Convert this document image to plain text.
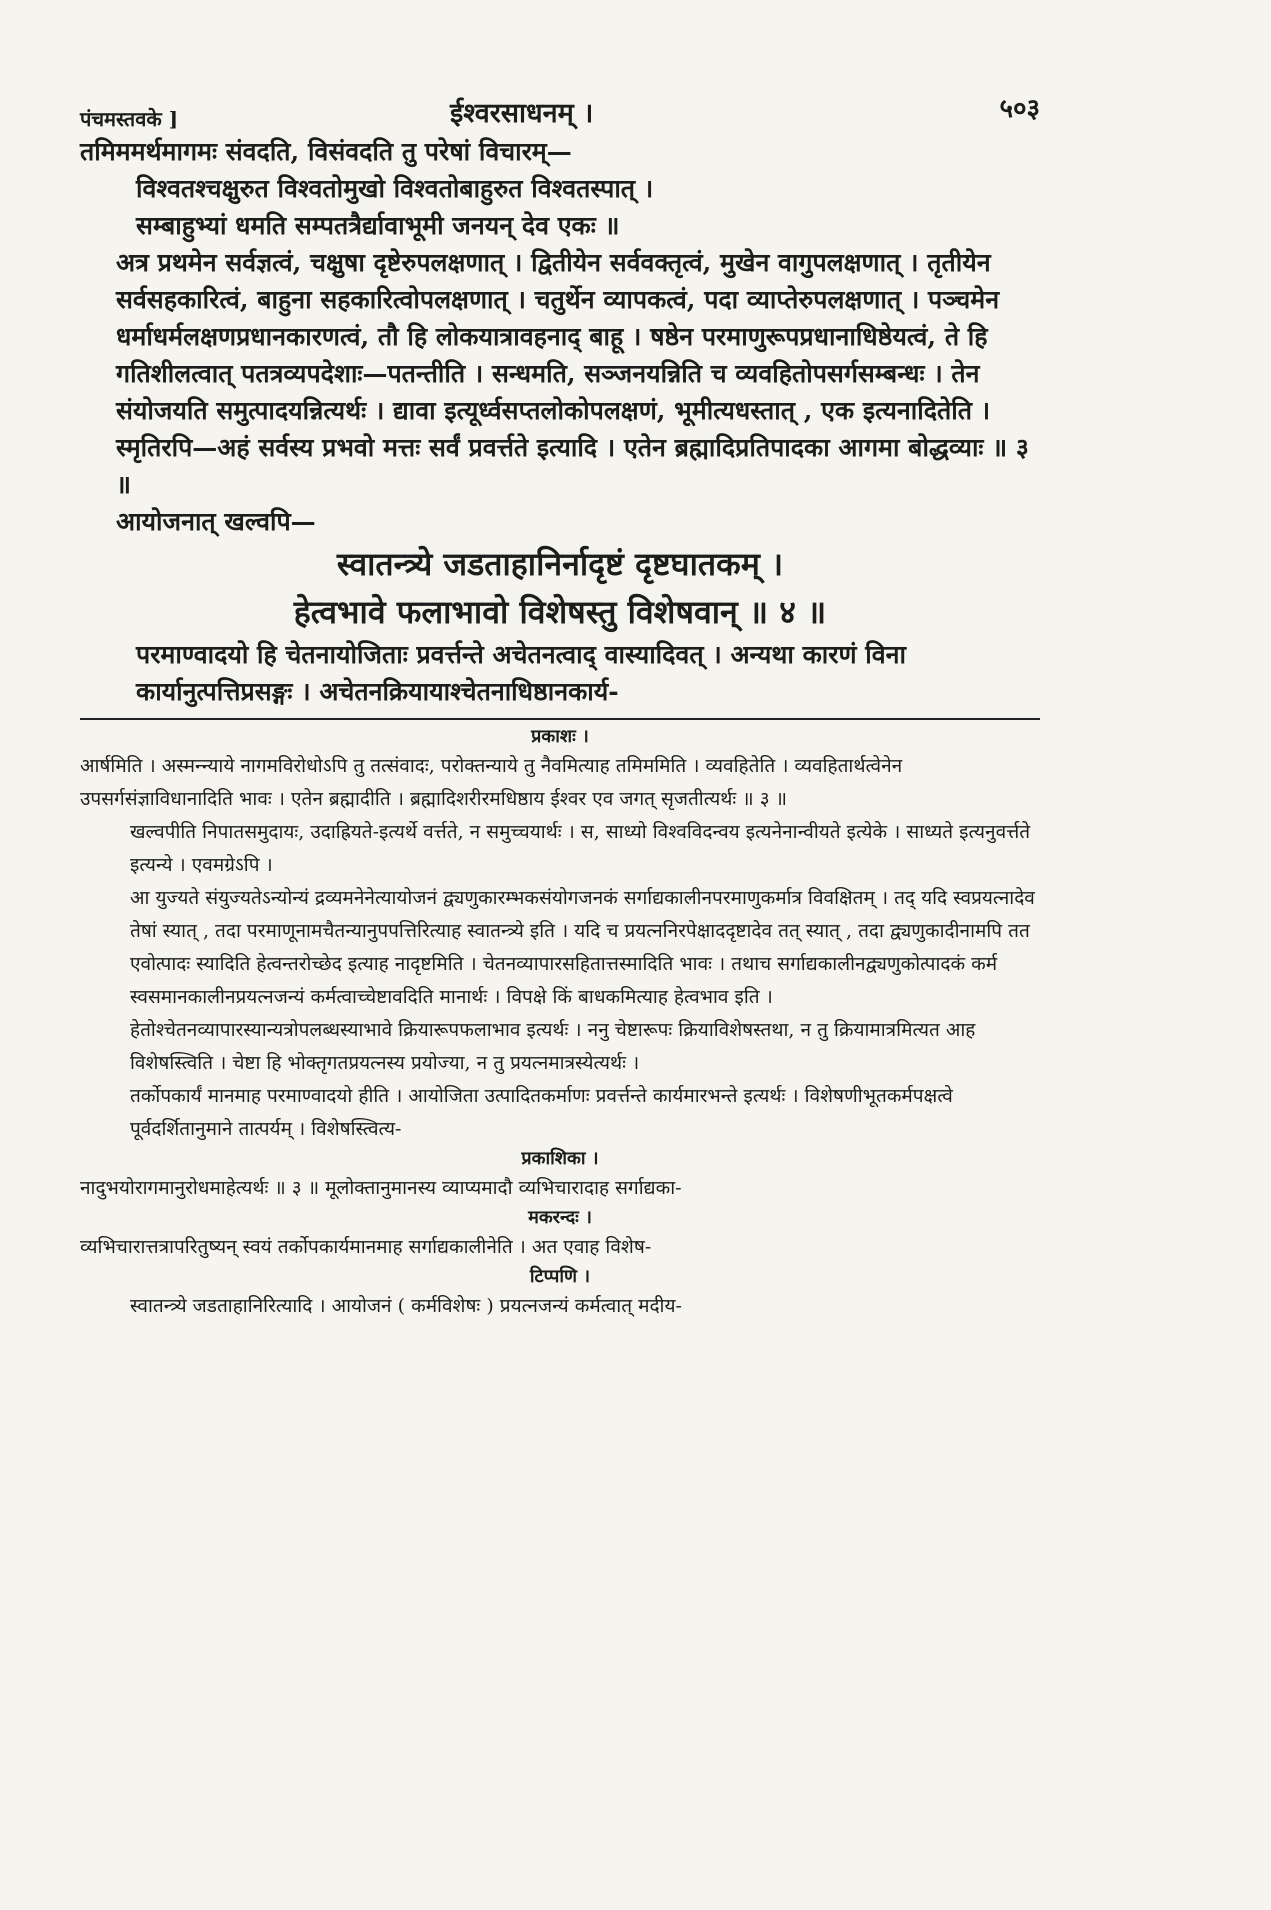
पंचमस्तवके ]	ईश्वरसाधनम् ।	५०३

तमिममर्थमागमः संवदति, विसंवदति तु परेषां विचारम्—

विश्वतश्चक्षुरुत विश्वतोमुखो विश्वतोबाहुरुत विश्वतस्पात् ।

सम्बाहुभ्यां धमति सम्पतत्रैर्द्यावाभूमी जनयन् देव एकः ॥

अत्र प्रथमेन सर्वज्ञत्वं, चक्षुषा दृष्टेरुपलक्षणात् । द्वितीयेन सर्ववक्तृत्वं, मुखेन वागुपलक्षणात् । तृतीयेन सर्वसहकारित्वं, बाहुना सहकारित्वोपलक्षणात् । चतुर्थेन व्यापकत्वं, पदा व्याप्तेरुपलक्षणात् । पञ्चमेन धर्माधर्मलक्षणप्रधानकारणत्वं, तौ हि लोकयात्रावहनाद् बाहू । षष्ठेन परमाणुरूपप्रधानाधिष्ठेयत्वं, ते हि गतिशीलत्वात् पतत्रव्यपदेशाः—पतन्तीति । सन्धमति, सञ्जनयन्निति च व्यवहितोपसर्गसम्बन्धः । तेन संयोजयति समुत्पादयन्नित्यर्थः । द्यावा इत्यूर्ध्वसप्तलोकोपलक्षणं, भूमीत्यधस्तात् , एक इत्यनादितेति । स्मृतिरपि—अहं सर्वस्य प्रभवो मत्तः सर्वं प्रवर्त्तते इत्यादि । एतेन ब्रह्मादिप्रतिपादका आगमा बोद्धव्याः ॥ ३ ॥

आयोजनात् खल्वपि—

स्वातन्त्र्ये जडताहानिर्नादृष्टं दृष्टघातकम् ।

हेत्वभावे फलाभावो विशेषस्तु विशेषवान् ॥ ४ ॥

परमाण्वादयो हि चेतनायोजिताः प्रवर्त्तन्ते अचेतनत्वाद् वास्यादिवत् । अन्यथा कारणं विना कार्यानुत्पत्तिप्रसङ्गः । अचेतनक्रियायाश्चेतनाधिष्ठानकार्य-

प्रकाशः ।

आर्षमिति । अस्मन्न्याये नागमविरोधोऽपि तु तत्संवादः, परोक्तन्याये तु नैवमित्याह तमिममिति । व्यवहितेति । व्यवहितार्थत्वेनेन उपसर्गसंज्ञाविधानादिति भावः । एतेन ब्रह्मादीति । ब्रह्मादिशरीरमधिष्ठाय ईश्वर एव जगत् सृजतीत्यर्थः ॥ ३ ॥

खल्वपीति निपातसमुदायः, उदाह्रियते-इत्यर्थे वर्त्तते, न समुच्चयार्थः । स, साध्यो विश्वविदन्वय इत्यनेनान्वीयते इत्येके । साध्यते इत्यनुवर्त्तते इत्यन्ये । एवमग्रेऽपि ।

आ युज्यते संयुज्यतेऽन्योन्यं द्रव्यमनेनेत्यायोजनं द्व्यणुकारम्भकसंयोगजनकं सर्गाद्यकालीनपरमाणुकर्मात्र विवक्षितम् । तद् यदि स्वप्रयत्नादेव तेषां स्यात् , तदा परमाणूनामचैतन्यानुपपत्तिरित्याह स्वातन्त्र्ये इति । यदि च प्रयत्ननिरपेक्षाददृष्टादेव तत् स्यात् , तदा द्व्यणुकादीनामपि तत एवोत्पादः स्यादिति हेत्वन्तरोच्छेद इत्याह नादृष्टमिति । चेतनव्यापारसहितात्तस्मादिति भावः । तथाच सर्गाद्यकालीनद्व्यणुकोत्पादकं कर्म स्वसमानकालीनप्रयत्नजन्यं कर्मत्वाच्चेष्टावदिति मानार्थः । विपक्षे किं बाधकमित्याह हेत्वभाव इति । हेतोश्चेतनव्यापारस्यान्यत्रोपलब्धस्याभावे क्रियारूपफलाभाव इत्यर्थः । ननु चेष्टारूपः क्रियाविशेषस्तथा, न तु क्रियामात्रमित्यत आह विशेषस्त्विति । चेष्टा हि भोक्तृगतप्रयत्नस्य प्रयोज्या, न तु प्रयत्नमात्रस्येत्यर्थः ।

तर्कोपकार्यं मानमाह परमाण्वादयो हीति । आयोजिता उत्पादितकर्माणः प्रवर्त्तन्ते कार्यमारभन्ते इत्यर्थः । विशेषणीभूतकर्मपक्षत्वे पूर्वदर्शितानुमाने तात्पर्यम् । विशेषस्त्वित्य-

प्रकाशिका ।

नादुभयोरागमानुरोधमाहेत्यर्थः ॥ ३ ॥ मूलोक्तानुमानस्य व्याप्यमादौ व्यभिचारादाह सर्गाद्यका-

मकरन्दः ।

व्यभिचारात्तत्रापरितुष्यन् स्वयं तर्कोपकार्यमानमाह सर्गाद्यकालीनेति । अत एवाह विशेष-

टिप्पणि ।

स्वातन्त्र्ये जडताहानिरित्यादि । आयोजनं ( कर्मविशेषः ) प्रयत्नजन्यं कर्मत्वात् मदीय-
